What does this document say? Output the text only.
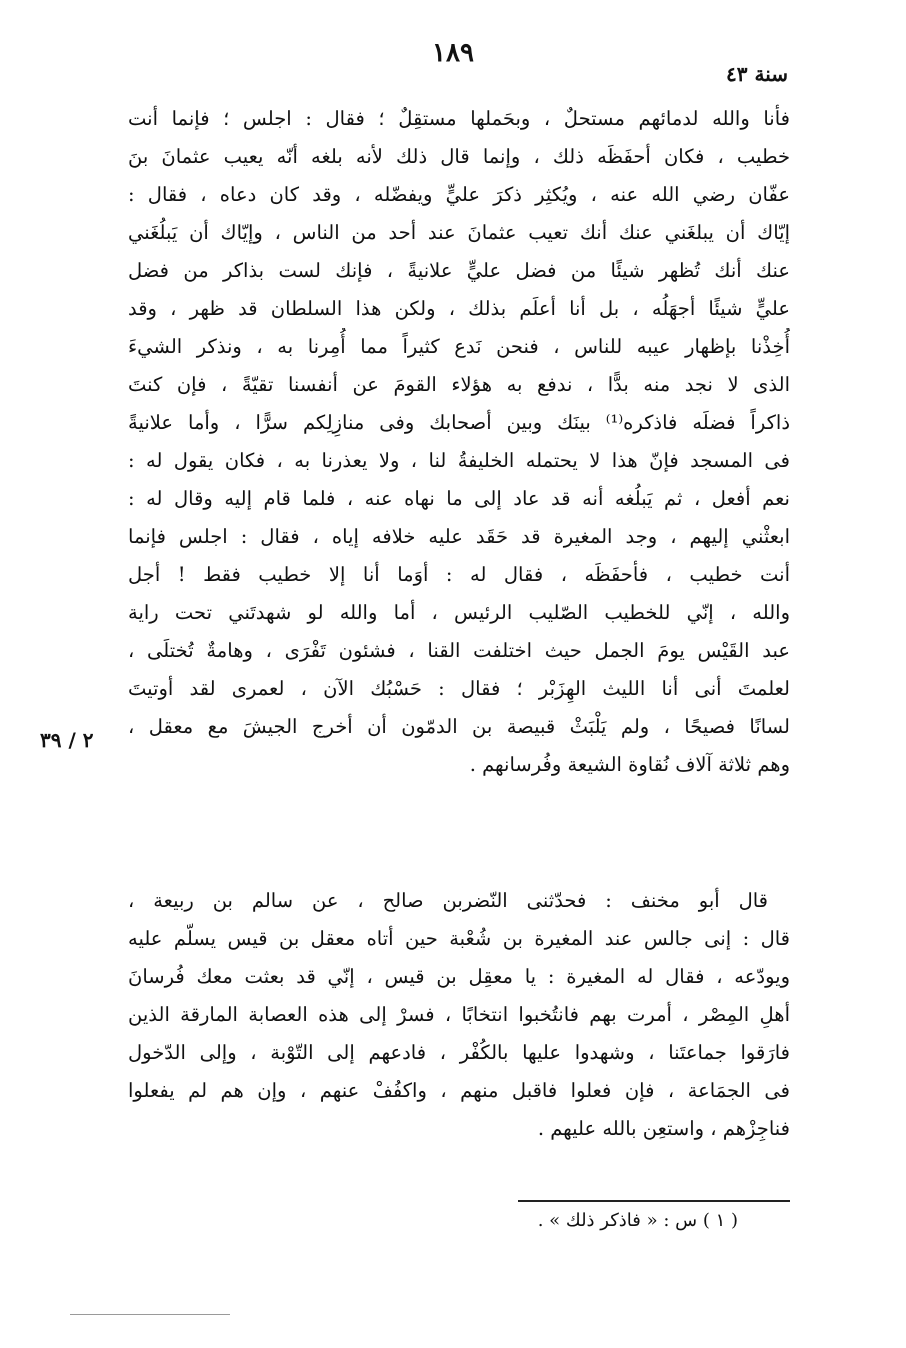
١٨٩
سنة ٤٣
٢ / ٣٩
فأنا والله لدمائهم مستحلٌ ، وبحَملها مستقِلٌ ؛ فقال : اجلس ؛ فإنما أنت
خطيب ، فكان أحفَظَه ذلك ، وإنما قال ذلك لأنه بلغه أنّه يعيب عثمانَ بنَ
عفّان رضي الله عنه ، ويُكثِر ذكرَ عليٍّ ويفضّله ، وقد كان دعاه ، فقال :
إيّاك أن يبلغَني عنك أنك تعيب عثمانَ عند أحد من الناس ، وإيّاك أن يَبلُغَني
عنك أنك تُظهر شيئًا من فضل عليٍّ علانيةً ، فإنك لست بذاكر من فضل
عليٍّ شيئًا أجهَلُه ، بل أنا أعلَم بذلك ، ولكن هذا السلطان قد ظهر ، وقد
أُخِذْنا بإظهار عيبه للناس ، فنحن نَدع كثيراً مما أُمِرنا به ، ونذكر الشيءَ
الذى لا نجد منه بدًّا ، ندفع به هؤلاء القومَ عن أنفسنا تقيّةً ، فإن كنتَ
ذاكراً فضلَه فاذكره⁽¹⁾ بينَك وبين أصحابك وفى منازِلِكم سرًّا ، وأما علانيةً
فى المسجد فإنّ هذا لا يحتمله الخليفةُ لنا ، ولا يعذرنا به ، فكان يقول له :
نعم أفعل ، ثم يَبلُغه أنه قد عاد إلى ما نهاه عنه ، فلما قام إليه وقال له :
ابعثْني إليهم ، وجد المغيرة قد حَقَد عليه خلافه إياه ، فقال : اجلس فإنما
أنت خطيب ، فأحفَظَه ، فقال له : أوَما أنا إلا خطيب فقط ! أجل
والله ، إنّي للخطيب الصّليب الرئيس ، أما والله لو شهدتَني تحت راية
عبد القَيْس يومَ الجمل حيث اختلفت القنا ، فشئون تَفْرَى ، وهامةٌ تُختلَى ،
لعلمتَ أنى أنا الليث الهِزَبْر ؛ فقال : حَسْبُك الآن ، لعمرى لقد أوتيتَ
لسانًا فصيحًا ، ولم يَلْبَثْ قبيصة بن الدمّون أن أخرج الجيشَ مع معقل ،
وهم ثلاثة آلاف نُقاوة الشيعة وفُرسانهم .
قال أبو مخنف : فحدّثنى النّضربن صالح ، عن سالم بن ربيعة ،
قال : إنى جالس عند المغيرة بن شُعْبة حين أتاه معقل بن قيس يسلّم عليه
ويودّعه ، فقال له المغيرة : يا معقِل بن قيس ، إنّي قد بعثت معك فُرسانَ
أهلِ المِصْر ، أمرت بهم فانتُخبوا انتخابًا ، فسرْ إلى هذه العصابة المارقة الذين
فارَقوا جماعتَنا ، وشهدوا عليها بالكُفْر ، فادعهم إلى التّوْبة ، وإلى الدّخول
فى الجمَاعة ، فإن فعلوا فاقبل منهم ، واكفُفْ عنهم ، وإن هم لم يفعلوا
فناجِزْهم ، واستعِن بالله عليهم .
( ١ ) س : « فاذكر ذلك » .
